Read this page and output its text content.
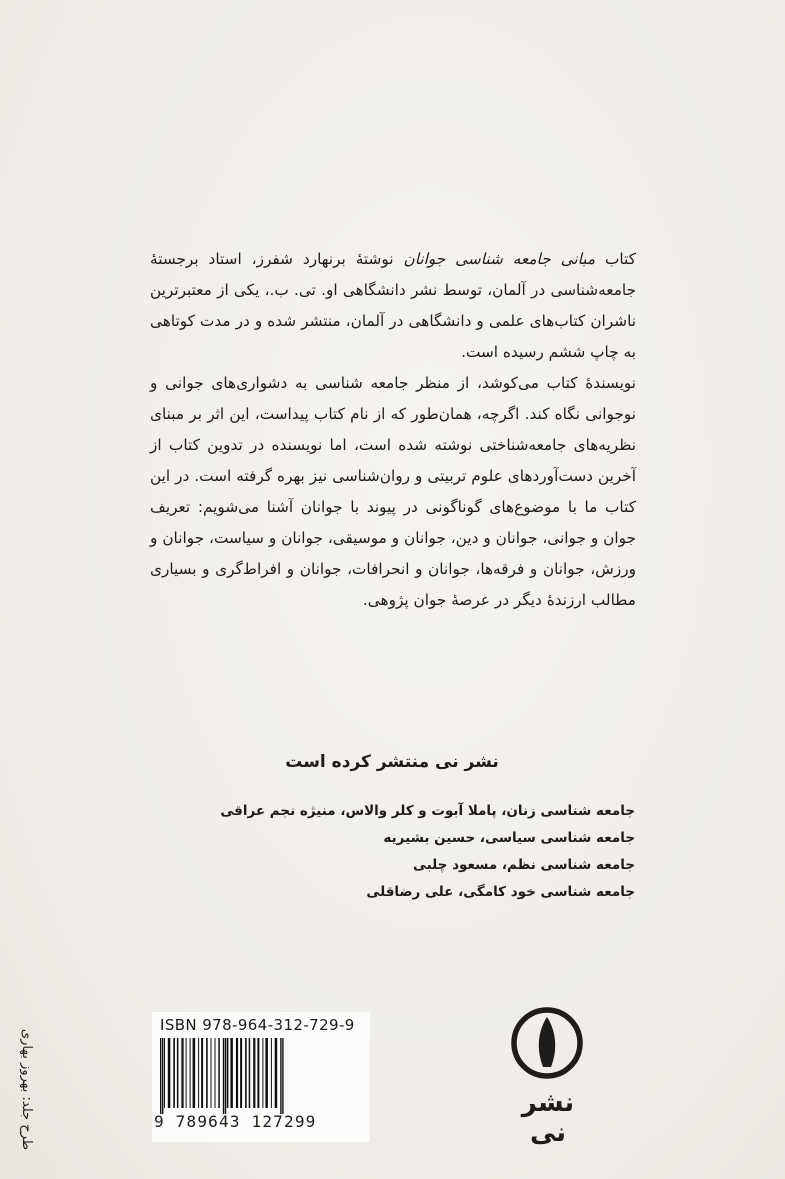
کتاب مبانی جامعه شناسی جوانان نوشتهٔ برنهارد شفرز، استاد برجستهٔ جامعه‌شناسی در آلمان، توسط نشر دانشگاهی او. تی. ب.، یکی از معتبرترین ناشران کتاب‌های علمی و دانشگاهی در آلمان، منتشر شده و در مدت کوتاهی به چاپ ششم رسیده است.

نویسندهٔ کتاب می‌کوشد، از منظر جامعه شناسی به دشواری‌های جوانی و نوجوانی نگاه کند. اگرچه، همان‌طور که از نام کتاب پیداست، این اثر بر مبنای نظریه‌های جامعه‌شناختی نوشته شده است، اما نویسنده در تدوین کتاب از آخرین دست‌آوردهای علوم تربیتی و روان‌شناسی نیز بهره گرفته است. در این کتاب ما با موضوع‌های گوناگونی در پیوند با جوانان آشنا می‌شویم: تعریف جوان و جوانی، جوانان و دین، جوانان و موسیقی، جوانان و سیاست، جوانان و ورزش، جوانان و فرقه‌ها، جوانان و انحرافات، جوانان و افراط‌گری و بسیاری مطالب ارزندهٔ دیگر در عرصهٔ جوان پژوهی.

نشر نی منتشر کرده است
جامعه شناسی زنان، پاملا آبوت و کلر والاس، منیژه نجم عراقی
جامعه شناسی سیاسی، حسین بشیریه
جامعه شناسی نظم، مسعود چلبی
جامعه شناسی خود کامگی، علی رضاقلی
طرح جلد: بهروز بهاری
ISBN 978-964-312-729-9
9 789643 127299
نشر نی
